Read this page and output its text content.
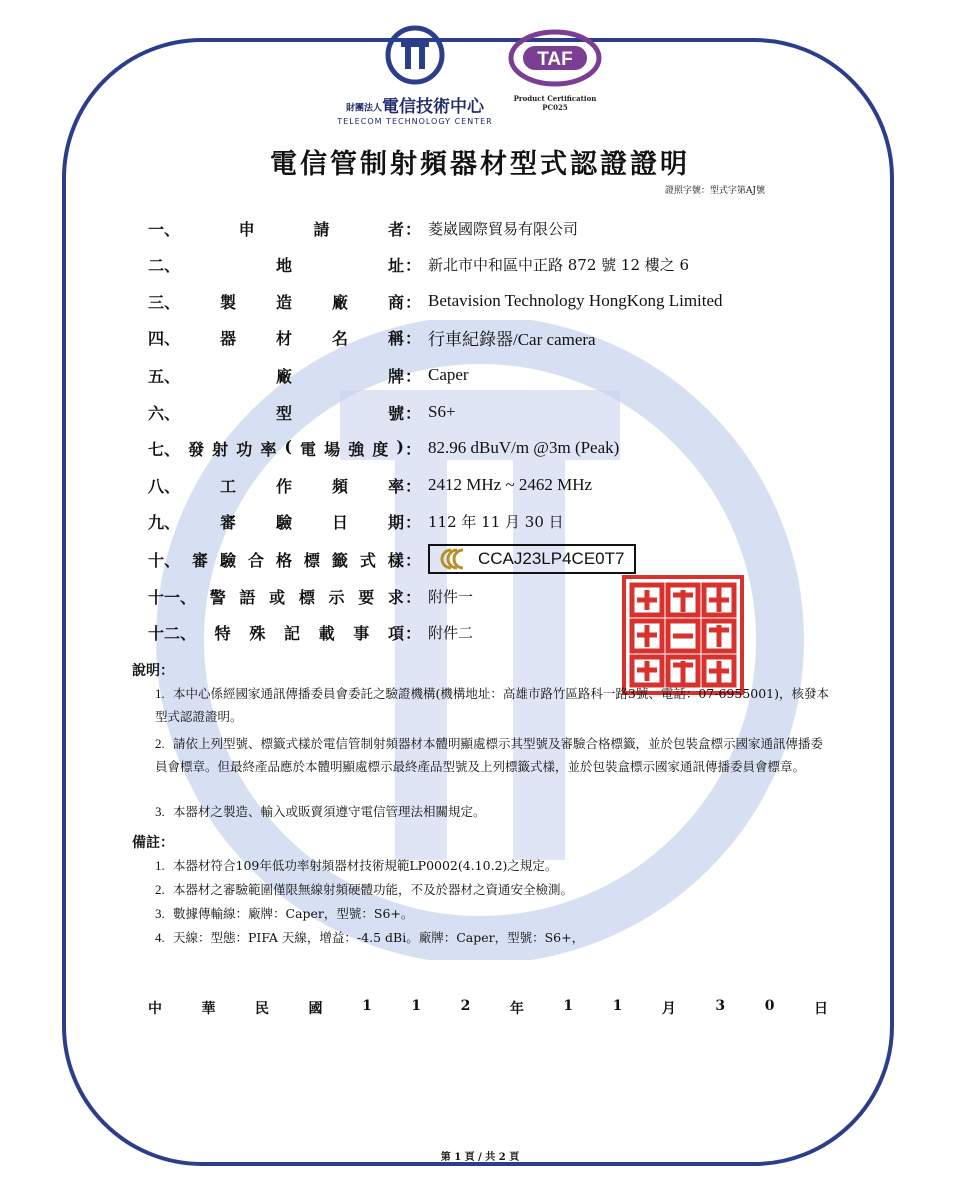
TTC
財團法人電信技術中心
TELECOM TECHNOLOGY CENTER
TAF
Product Certification
PC025
電信管制射頻器材型式認證證明
證照字號：型式字第AJ號
一、	申	請	者 ： 菱崴國際貿易有限公司
二、	地	址 ： 新北市中和區中正路 872 號 12 樓之 6
三、 製 造 廠 商 ： Betavision Technology HongKong Limited
四、 器 材 名 稱 ： 行車紀錄器/Car camera
五、	廠	牌 ： Caper
六、	型	號 ： S6+
七、 發 射 功 率 ( 電 場 強 度 ) ： 82.96 dBuV/m @3m (Peak)
八、 工 作 頻 率 ： 2412 MHz ~ 2462 MHz
九、 審 驗 日 期 ： 112 年 11 月 30 日
十、 審 驗 合 格 標 籤 式 樣 ：	CCAJ23LP4CE0T7
十一、 警 語 或 標 示 要 求 ： 附件一
十二、 特 殊 記 載 事 項 ： 附件二
說明：
1. 本中心係經國家通訊傳播委員會委託之驗證機構(機構地址：高雄市路竹區路科一路3號、電話：07-6955001)，核發本型式認證證明。
2. 請依上列型號、標籤式樣於電信管制射頻器材本體明顯處標示其型號及審驗合格標籤，並於包裝盒標示國家通訊傳播委員會標章。但最終產品應於本體明顯處標示最終產品型號及上列標籤式樣，並於包裝盒標示國家通訊傳播委員會標章。
3. 本器材之製造、輸入或販賣須遵守電信管理法相關規定。
備註：
1. 本器材符合109年低功率射頻器材技術規範LP0002(4.10.2)之規定。
2. 本器材之審驗範圍僅限無線射頻硬體功能，不及於器材之資通安全檢測。
3. 數據傳輸線：廠牌：Caper，型號：S6+。
4. 天線：型態：PIFA 天線，增益：-4.5 dBi。廠牌：Caper，型號：S6+，
中	華	民	國	1	1	2	年	1	1	月	3	0	日
第 1 頁 / 共 2 頁
